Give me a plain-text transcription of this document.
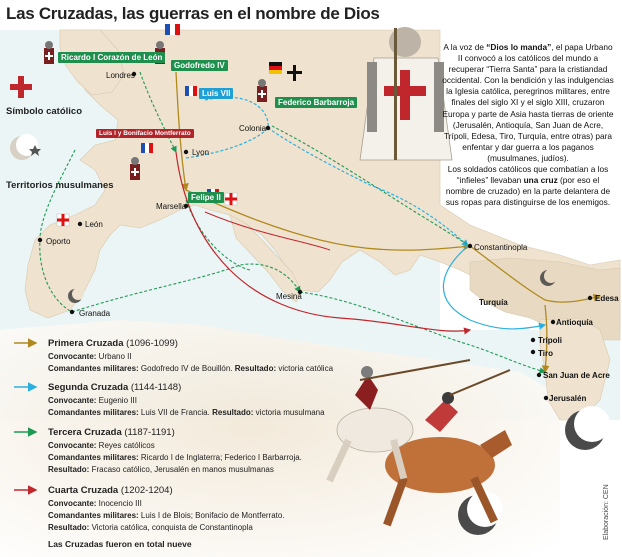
Las Cruzadas, las guerras en el nombre de Dios
Símbolo católico
Territorios musulmanes
Ricardo I Corazón de León
Godofredo IV
Luis VII
Federico Barbarroja
Luis I y Bonifacio Montferrato
Felipe II
Londres
Lyon
Colonia
León
Oporto
Marsella
Granada
Mesina
Constantinopla
Edesa
Turquía
Antioquía
Trípoli
Tiro
San Juan de Acre
Jerusalén
A la voz de “Dios lo manda”, el papa Urbano II convocó a los católicos del mundo a recuperar “Tierra Santa” para la cristiandad occidental. Con la bendición y las indulgencias la Iglesia católica, peregrinos militares, entre finales del siglo XI y el siglo XIII, cruzaron Europa y parte de Asia hasta tierras de oriente (Jerusalén, Antioquía, San Juan de Acre, Trípoli, Edesa, Tiro, Turquía, entre otras) para enfentar y dar guerra a los paganos (musulmanes, judíos).
Los soldados católicos que combatían a los “infieles” llevaban una cruz (por eso el nombre de cruzado) en la parte delantera de sus ropas para distinguirse de los enemigos.
Primera Cruzada (1096-1099)
Convocante: Urbano II
Comandantes militares: Godofredo IV de Bouillón. Resultado: victoria católica
Segunda Cruzada (1144-1148)
Convocante: Eugenio III
Comandantes militares: Luis VII de Francia. Resultado: victoria musulmana
Tercera Cruzada (1187-1191)
Convocante: Reyes católicos
Comandantes militares: Ricardo I de Inglaterra; Federico I Barbarroja.
Resultado: Fracaso católico, Jerusalén en manos musulmanas
Cuarta Cruzada (1202-1204)
Convocante: Inocencio III
Comandantes militares: Luis I de Blois; Bonifacio de Montferrato.
Resultado: Victoria católica, conquista de Constantinopla
Las Cruzadas fueron en total nueve
Elaboración: CEN
